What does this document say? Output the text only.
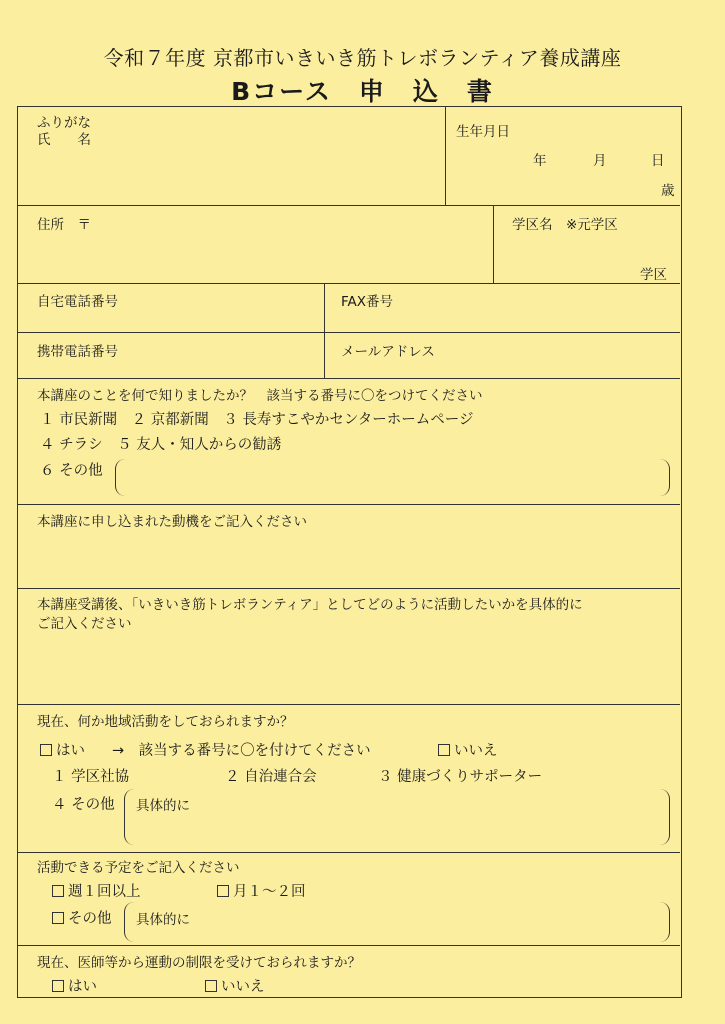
令和７年度 京都市いきいき筋トレボランティア養成講座
Bコース　申　込　書
ふりがな
氏　　名	生年月日
年	月	日
歳
住所　〒	学区名　※元学区
学区
自宅電話番号	FAX番号
携帯電話番号	メールアドレス
本講座のことを何で知りましたか？　該当する番号に〇をつけてください
１ 市民新聞　２ 京都新聞　３ 長寿すこやかセンターホームページ
４ チラシ　５ 友人・知人からの勧誘
６ その他
本講座に申し込まれた動機をご記入ください
本講座受講後、「いきいき筋トレボランティア」としてどのように活動したいかを具体的に
ご記入ください
現在、何か地域活動をしておられますか？
はい →　該当する番号に〇を付けてください	いいえ
１ 学区社協	２ 自治連合会	３ 健康づくりサポーター
４ その他 具体的に
活動できる予定をご記入ください
週１回以上	月１～２回
その他 具体的に
現在、医師等から運動の制限を受けておられますか？
はい	いいえ
